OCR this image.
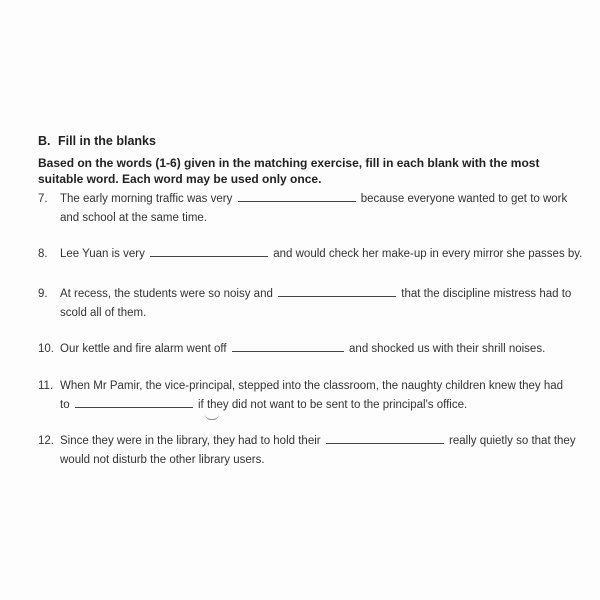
B. Fill in the blanks
Based on the words (1-6) given in the matching exercise, fill in each blank with the most suitable word. Each word may be used only once.
7.	The early morning traffic was very	because everyone wanted to get to work
and school at the same time.
8.	Lee Yuan is very	and would check her make-up in every mirror she passes by.
9.	At recess, the students were so noisy and	that the discipline mistress had to
scold all of them.
10. Our kettle and fire alarm went off	and shocked us with their shrill noises.
11. When Mr Pamir, the vice-principal, stepped into the classroom, the naughty children knew they had
to	if they did not want to be sent to the principal's office.
12. Since they were in the library, they had to hold their	really quietly so that they
would not disturb the other library users.
